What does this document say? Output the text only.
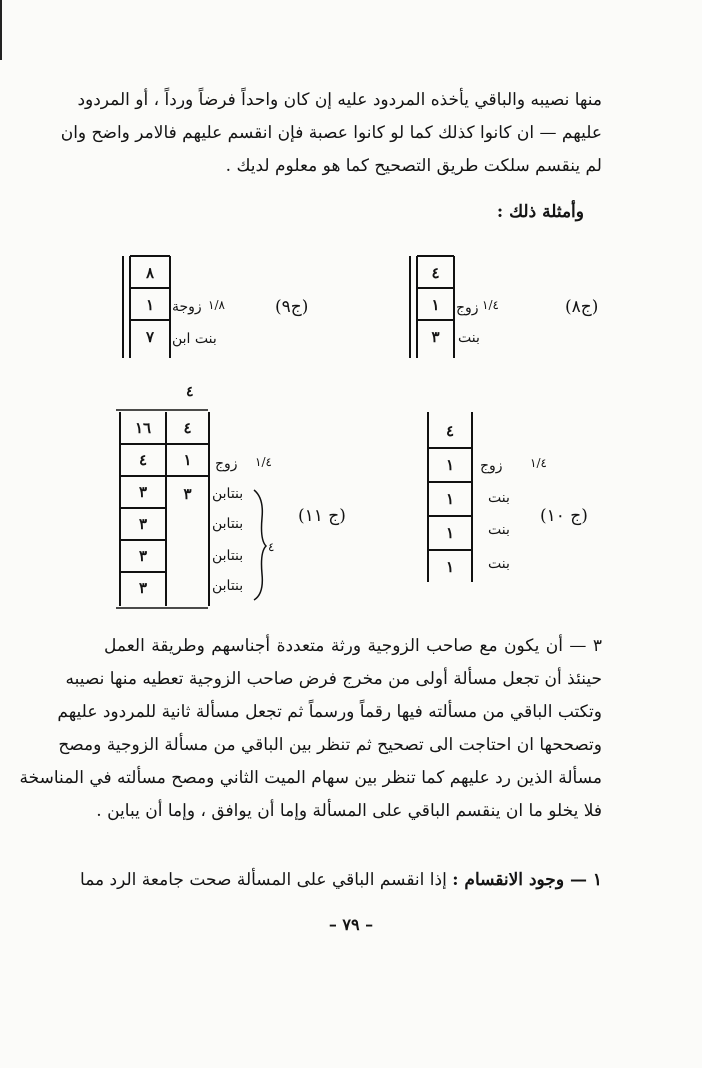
منها نصيبه والباقي يأخذه المردود عليه إن كان واحداً فرضاً ورداً ، أو المردود
عليهم — ان كانوا كذلك كما لو كانوا عصبة فإن انقسم عليهم فالامر واضح وان
لم ينقسم سلكت طريق التصحيح كما هو معلوم لديك .
وأمثلة ذلك :
٤
١
٣
١/٤
زوج
بنت
(ج٨)
٨
١
٧
١/٨
زوجة
بنت ابن
(ج٩)
٤
١٦
٤
٣
٣
٣
٣
٤
١
٣
١/٤
زوج
بنتابن
بنتابن
بنتابن
بنتابن
٤
(ج ١١)
٤
١
١
١
١
١/٤
زوج
بنت
بنت
بنت
(ج ١٠)
٣ — أن يكون مع صاحب الزوجية ورثة متعددة أجناسهم وطريقة العمل
حينئذ أن تجعل مسألة أولى من مخرج فرض صاحب الزوجية تعطيه منها نصيبه
وتكتب الباقي من مسألته فيها رقماً ورسماً ثم تجعل مسألة ثانية للمردود عليهم
وتصححها ان احتاجت الى تصحيح ثم تنظر بين الباقي من مسألة الزوجية ومصح
مسألة الذين رد عليهم كما تنظر بين سهام الميت الثاني ومصح مسألته في المناسخة
فلا يخلو ما ان ينقسم الباقي على المسألة وإما أن يوافق ، وإما أن يباين .
١ — وجود الانقسام : إذا انقسم الباقي على المسألة صحت جامعة الرد مما
– ٧٩ –
